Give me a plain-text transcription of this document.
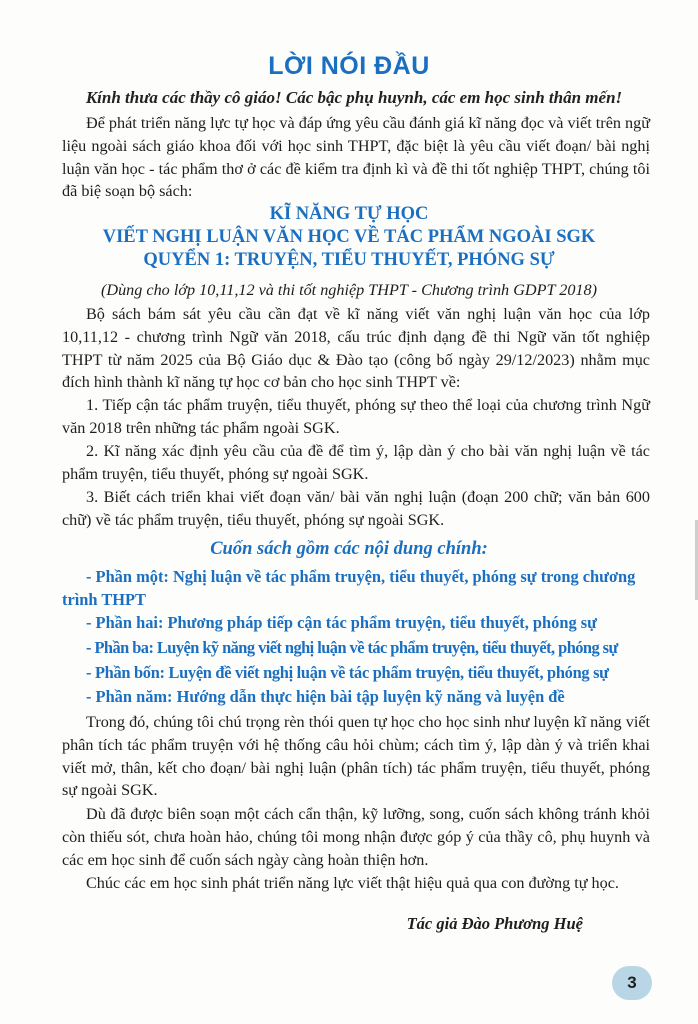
LỜI NÓI ĐẦU
Kính thưa các thầy cô giáo! Các bậc phụ huynh, các em học sinh thân mến!
Để phát triển năng lực tự học và đáp ứng yêu cầu đánh giá kĩ năng đọc và viết trên ngữ liệu ngoài sách giáo khoa đối với học sinh THPT, đặc biệt là yêu cầu viết đoạn/ bài nghị luận văn học - tác phẩm thơ ở các đề kiểm tra định kì và đề thi tốt nghiệp THPT, chúng tôi đã biệ soạn bộ sách:
KĨ NĂNG TỰ HỌC
VIẾT NGHỊ LUẬN VĂN HỌC VỀ TÁC PHẨM NGOÀI SGK
QUYỂN 1: TRUYỆN, TIỂU THUYẾT, PHÓNG SỰ
(Dùng cho lớp 10,11,12 và thi tốt nghiệp THPT - Chương trình GDPT 2018)
Bộ sách bám sát yêu cầu cần đạt về kĩ năng viết văn nghị luận văn học của lớp 10,11,12 - chương trình Ngữ văn 2018, cấu trúc định dạng đề thi Ngữ văn tốt nghiệp THPT từ năm 2025 của Bộ Giáo dục & Đào tạo (công bố ngày 29/12/2023) nhằm mục đích hình thành kĩ năng tự học cơ bản cho học sinh THPT về:
1. Tiếp cận tác phẩm truyện, tiểu thuyết, phóng sự theo thể loại của chương trình Ngữ văn 2018 trên những tác phẩm ngoài SGK.
2. Kĩ năng xác định yêu cầu của đề để tìm ý, lập dàn ý cho bài văn nghị luận về tác phẩm truyện, tiểu thuyết, phóng sự ngoài SGK.
3. Biết cách triển khai viết đoạn văn/ bài văn nghị luận (đoạn 200 chữ; văn bản 600 chữ) về tác phẩm truyện, tiểu thuyết, phóng sự ngoài SGK.
Cuốn sách gồm các nội dung chính:
- Phần một: Nghị luận về tác phẩm truyện, tiểu thuyết, phóng sự trong chương trình THPT
- Phần hai: Phương pháp tiếp cận tác phẩm truyện, tiểu thuyết, phóng sự
- Phần ba: Luyện kỹ năng viết nghị luận về tác phẩm truyện, tiểu thuyết, phóng sự
- Phần bốn: Luyện đề viết nghị luận về tác phẩm truyện, tiểu thuyết, phóng sự
- Phần năm: Hướng dẫn thực hiện bài tập luyện kỹ năng và luyện đề
Trong đó, chúng tôi chú trọng rèn thói quen tự học cho học sinh như luyện kĩ năng viết phân tích tác phẩm truyện với hệ thống câu hỏi chùm; cách tìm ý, lập dàn ý và triển khai viết mở, thân, kết cho đoạn/ bài nghị luận (phân tích) tác phẩm truyện, tiểu thuyết, phóng sự ngoài SGK.
Dù đã được biên soạn một cách cẩn thận, kỹ lưỡng, song, cuốn sách không tránh khỏi còn thiếu sót, chưa hoàn hảo, chúng tôi mong nhận được góp ý của thầy cô, phụ huynh và các em học sinh để cuốn sách ngày càng hoàn thiện hơn.
Chúc các em học sinh phát triển năng lực viết thật hiệu quả qua con đường tự học.
Tác giả Đào Phương Huệ
3
